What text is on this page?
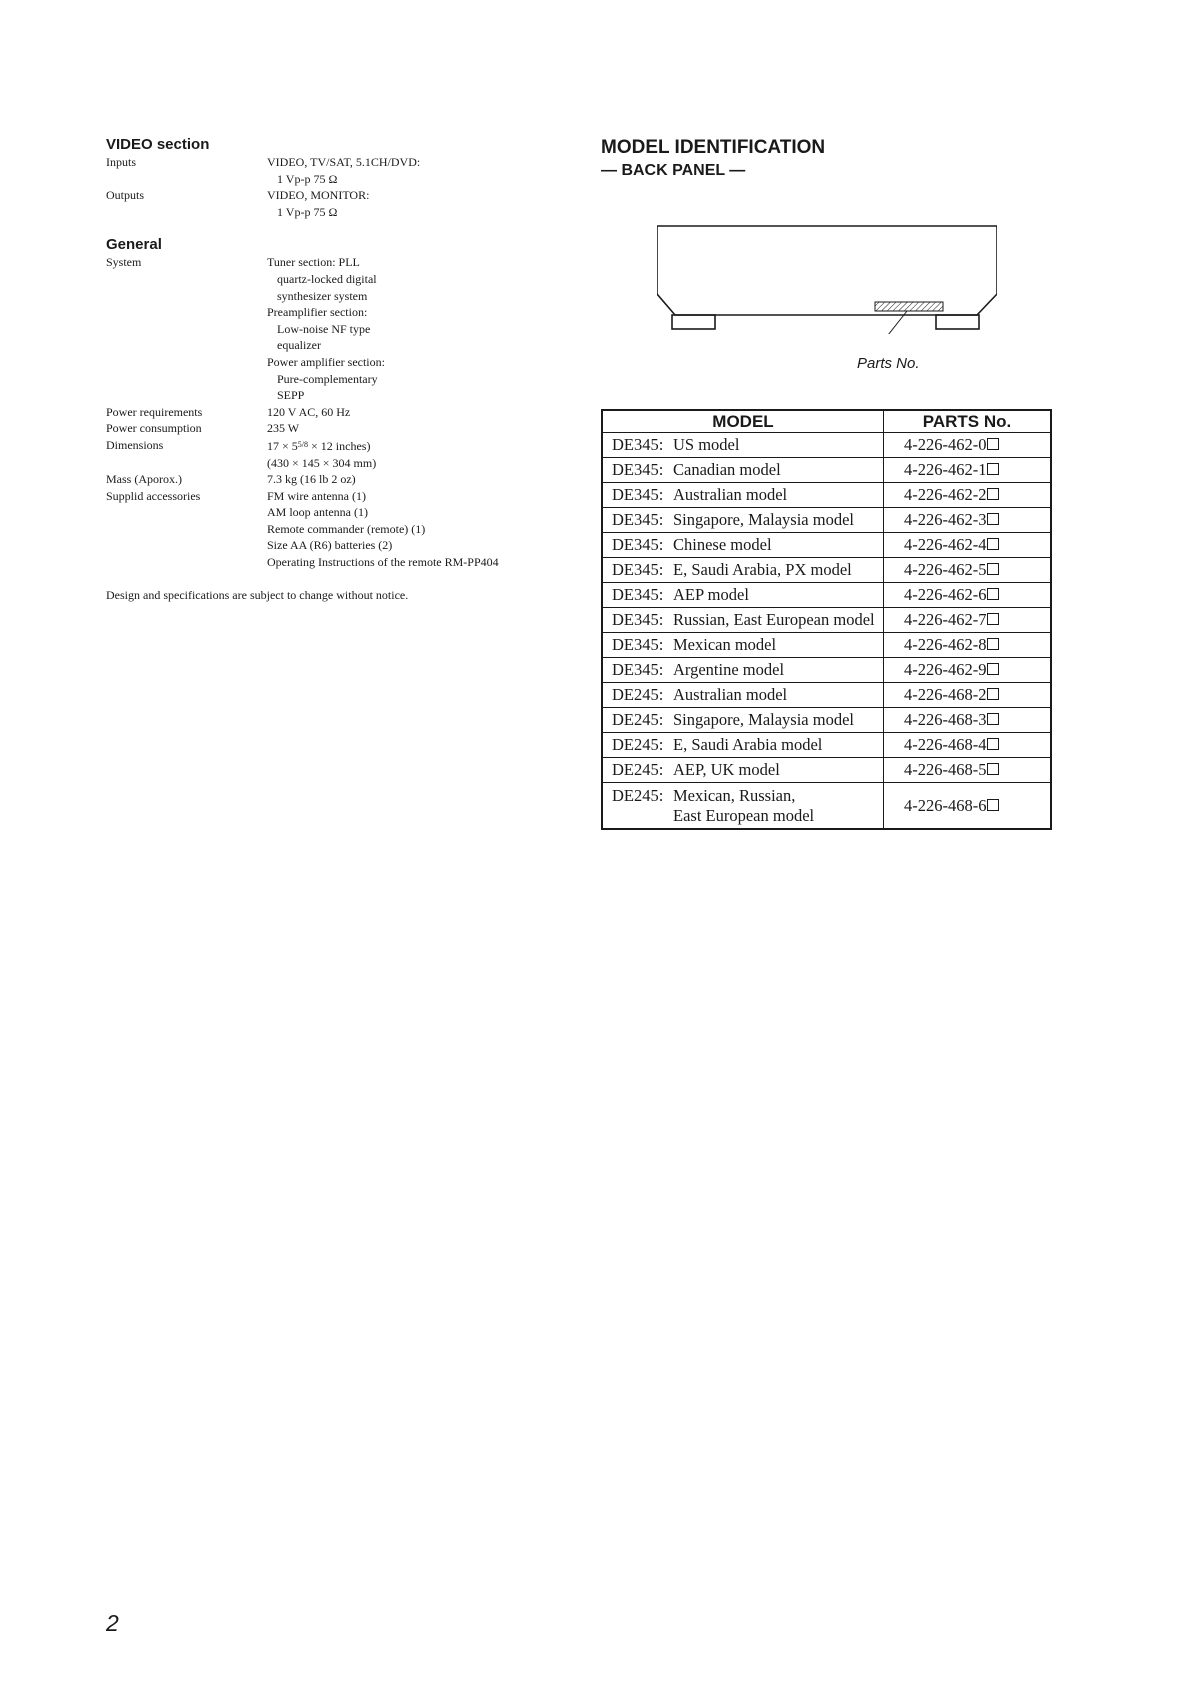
VIDEO section
Inputs	VIDEO, TV/SAT, 5.1CH/DVD:
1 Vp-p 75 Ω
Outputs	VIDEO, MONITOR:
1 Vp-p 75 Ω
General
System	Tuner section: PLL
quartz-locked digital
synthesizer system
Preamplifier section:
Low-noise NF type
equalizer
Power amplifier section:
Pure-complementary
SEPP
Power requirements	120 V AC, 60 Hz
Power consumption	235 W
Dimensions	$17 \times 5^{5/8} \times 12$ inches)
(430 × 145 × 304 mm)
Mass (Aporox.)	7.3 kg (16 lb 2 oz)
Supplid accessories	FM wire antenna (1)
AM loop antenna (1)
Remote commander (remote) (1)
Size AA (R6) batteries (2)
Operating Instructions of the remote RM-PP404
Design and specifications are subject to change without notice.
MODEL IDENTIFICATION
— BACK PANEL —
Parts No.
MODEL	PARTS No.
DE345: US model	4-226-462-0
DE345: Canadian model	4-226-462-1
DE345: Australian model	4-226-462-2
DE345: Singapore, Malaysia model	4-226-462-3
DE345: Chinese model	4-226-462-4
DE345: E, Saudi Arabia, PX model	4-226-462-5
DE345: AEP model	4-226-462-6
DE345: Russian, East European model	4-226-462-7
DE345: Mexican model	4-226-462-8
DE345: Argentine model	4-226-462-9
DE245: Australian model	4-226-468-2
DE245: Singapore, Malaysia model	4-226-468-3
DE245: E, Saudi Arabia model	4-226-468-4
DE245: AEP, UK model	4-226-468-5
DE245: Mexican, Russian,
East European model	4-226-468-6
2
